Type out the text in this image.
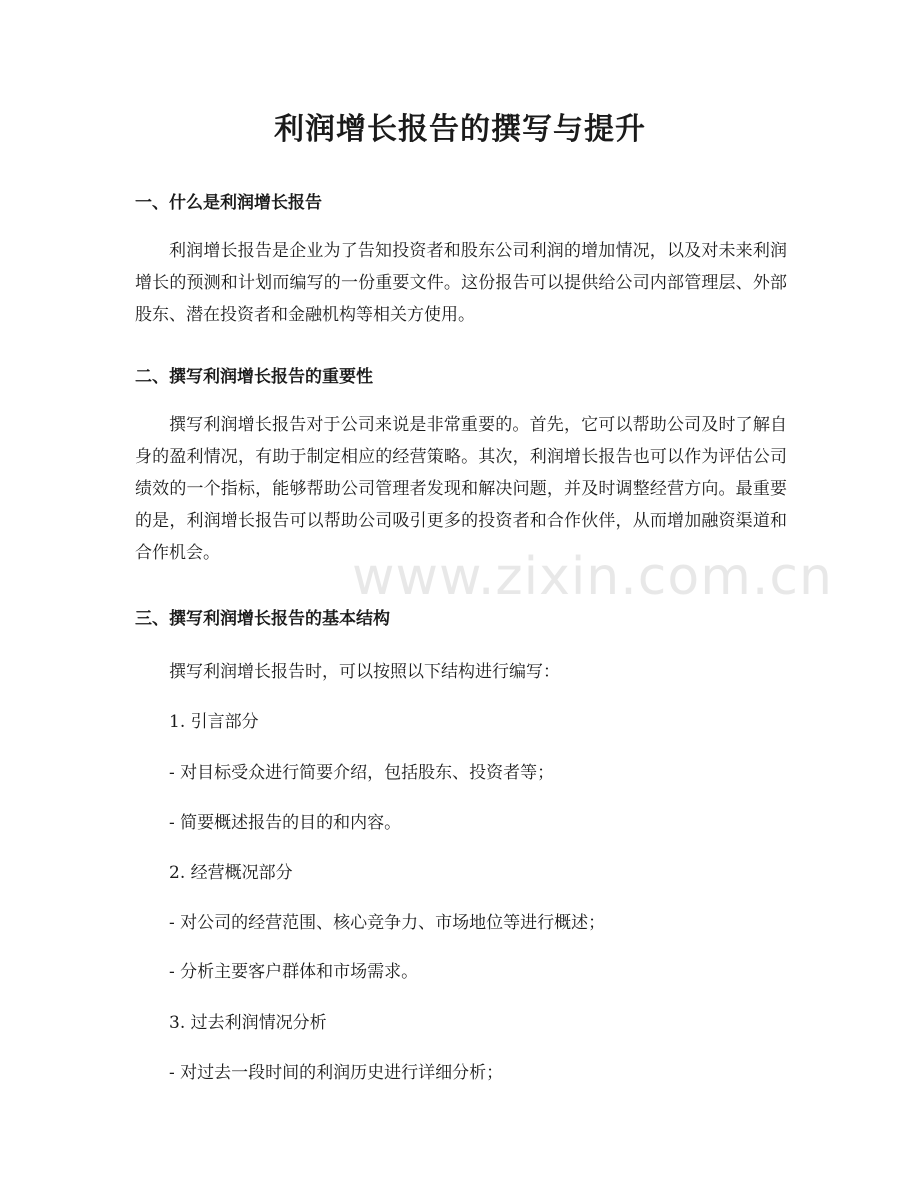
利润增长报告的撰写与提升
一、什么是利润增长报告

利润增长报告是企业为了告知投资者和股东公司利润的增加情况，以及对未来利润增长的预测和计划而编写的一份重要文件。这份报告可以提供给公司内部管理层、外部股东、潜在投资者和金融机构等相关方使用。

二、撰写利润增长报告的重要性

撰写利润增长报告对于公司来说是非常重要的。首先，它可以帮助公司及时了解自身的盈利情况，有助于制定相应的经营策略。其次，利润增长报告也可以作为评估公司绩效的一个指标，能够帮助公司管理者发现和解决问题，并及时调整经营方向。最重要的是，利润增长报告可以帮助公司吸引更多的投资者和合作伙伴，从而增加融资渠道和合作机会。

三、撰写利润增长报告的基本结构

撰写利润增长报告时，可以按照以下结构进行编写：

1. 引言部分

- 对目标受众进行简要介绍，包括股东、投资者等；

- 简要概述报告的目的和内容。

2. 经营概况部分

- 对公司的经营范围、核心竞争力、市场地位等进行概述；

- 分析主要客户群体和市场需求。

3. 过去利润情况分析

- 对过去一段时间的利润历史进行详细分析；

www.zixin.com.cn
